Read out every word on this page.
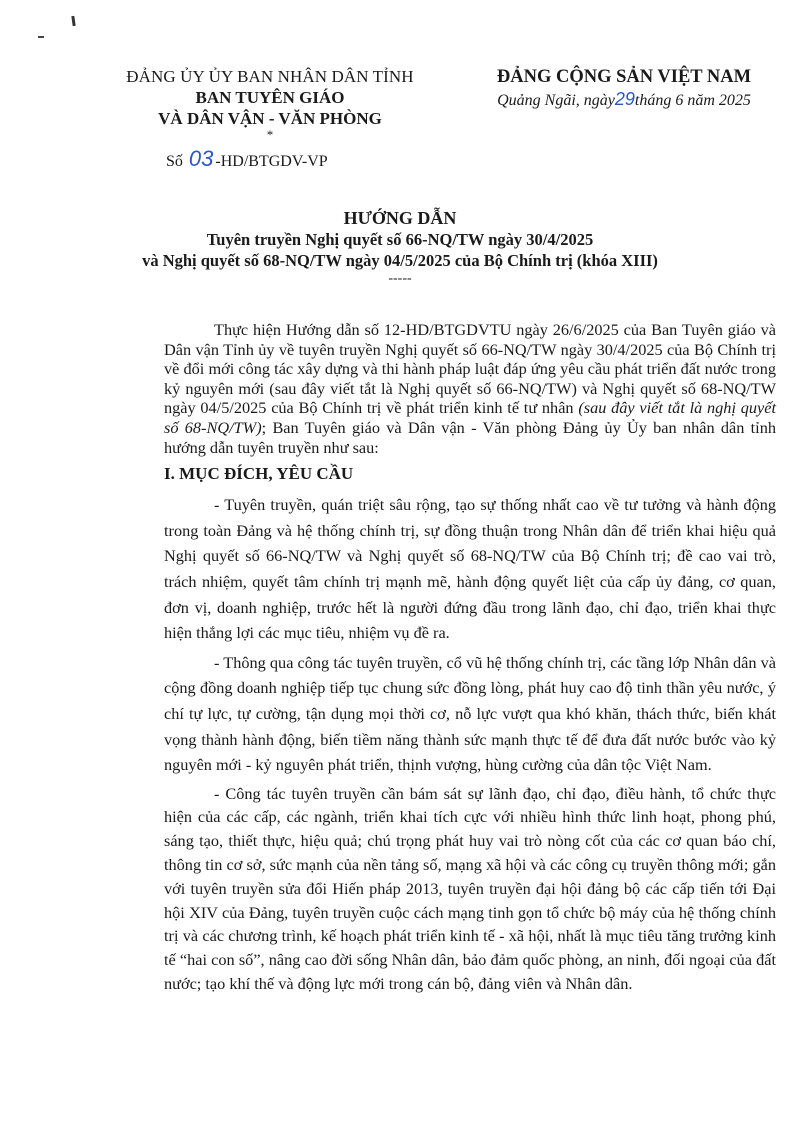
ĐẢNG ỦY ỦY BAN NHÂN DÂN TỈNH
BAN TUYÊN GIÁO
VÀ DÂN VẬN - VĂN PHÒNG
*
Số 03 -HD/BTGDV-VP
ĐẢNG CỘNG SẢN VIỆT NAM
Quảng Ngãi, ngày29tháng 6 năm 2025
HƯỚNG DẪN
Tuyên truyền Nghị quyết số 66-NQ/TW ngày 30/4/2025
và Nghị quyết số 68-NQ/TW ngày 04/5/2025 của Bộ Chính trị (khóa XIII)
-----

Thực hiện Hướng dẫn số 12-HD/BTGDVTU ngày 26/6/2025 của Ban Tuyên giáo và Dân vận Tỉnh ủy về tuyên truyền Nghị quyết số 66-NQ/TW ngày 30/4/2025 của Bộ Chính trị về đổi mới công tác xây dựng và thi hành pháp luật đáp ứng yêu cầu phát triển đất nước trong kỷ nguyên mới (sau đây viết tắt là Nghị quyết số 66-NQ/TW) và Nghị quyết số 68-NQ/TW ngày 04/5/2025 của Bộ Chính trị về phát triển kinh tế tư nhân (sau đây viết tắt là nghị quyết số 68-NQ/TW); Ban Tuyên giáo và Dân vận - Văn phòng Đảng ủy Ủy ban nhân dân tỉnh hướng dẫn tuyên truyền như sau:

I. MỤC ĐÍCH, YÊU CẦU

- Tuyên truyền, quán triệt sâu rộng, tạo sự thống nhất cao về tư tưởng và hành động trong toàn Đảng và hệ thống chính trị, sự đồng thuận trong Nhân dân để triển khai hiệu quả Nghị quyết số 66-NQ/TW và Nghị quyết số 68-NQ/TW của Bộ Chính trị; đề cao vai trò, trách nhiệm, quyết tâm chính trị mạnh mẽ, hành động quyết liệt của cấp ủy đảng, cơ quan, đơn vị, doanh nghiệp, trước hết là người đứng đầu trong lãnh đạo, chỉ đạo, triển khai thực hiện thắng lợi các mục tiêu, nhiệm vụ đề ra.

- Thông qua công tác tuyên truyền, cổ vũ hệ thống chính trị, các tầng lớp Nhân dân và cộng đồng doanh nghiệp tiếp tục chung sức đồng lòng, phát huy cao độ tinh thần yêu nước, ý chí tự lực, tự cường, tận dụng mọi thời cơ, nỗ lực vượt qua khó khăn, thách thức, biến khát vọng thành hành động, biến tiềm năng thành sức mạnh thực tế để đưa đất nước bước vào kỷ nguyên mới - kỷ nguyên phát triển, thịnh vượng, hùng cường của dân tộc Việt Nam.

- Công tác tuyên truyền cần bám sát sự lãnh đạo, chỉ đạo, điều hành, tổ chức thực hiện của các cấp, các ngành, triển khai tích cực với nhiều hình thức linh hoạt, phong phú, sáng tạo, thiết thực, hiệu quả; chú trọng phát huy vai trò nòng cốt của các cơ quan báo chí, thông tin cơ sở, sức mạnh của nền tảng số, mạng xã hội và các công cụ truyền thông mới; gắn với tuyên truyền sửa đổi Hiến pháp 2013, tuyên truyền đại hội đảng bộ các cấp tiến tới Đại hội XIV của Đảng, tuyên truyền cuộc cách mạng tinh gọn tổ chức bộ máy của hệ thống chính trị và các chương trình, kế hoạch phát triển kinh tế - xã hội, nhất là mục tiêu tăng trưởng kinh tế “hai con số”, nâng cao đời sống Nhân dân, bảo đảm quốc phòng, an ninh, đối ngoại của đất nước; tạo khí thế và động lực mới trong cán bộ, đảng viên và Nhân dân.
